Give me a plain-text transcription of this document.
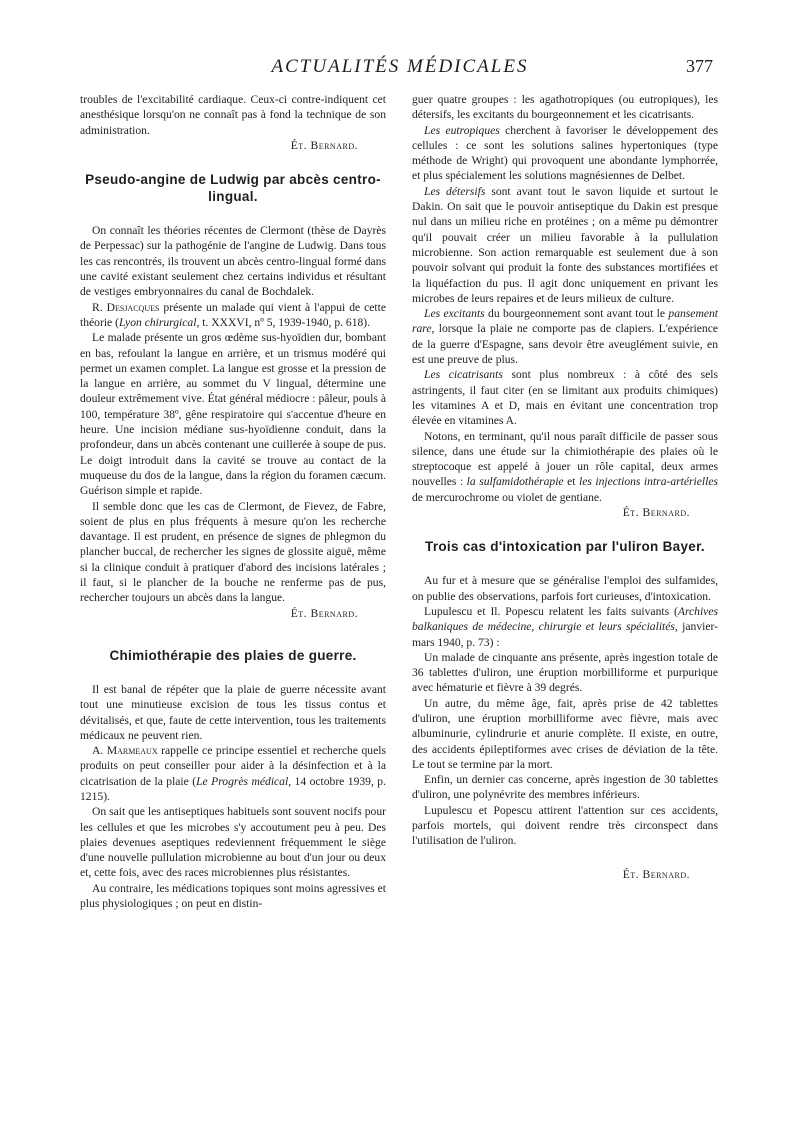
ACTUALITÉS MÉDICALES	377

troubles de l'excitabilité cardiaque. Ceux-ci contre-indiquent cet anesthésique lorsqu'on ne connaît pas à fond la technique de son administration.

Ét. Bernard.

Pseudo-angine de Ludwig par abcès centro-lingual.

On connaît les théories récentes de Clermont (thèse de Dayrès de Perpessac) sur la pathogénie de l'angine de Ludwig. Dans tous les cas rencontrés, ils trouvent un abcès centro-lingual formé dans une cavité existant seulement chez certains individus et résultant de vestiges embryonnaires du canal de Bochdalek.

R. Desjacques présente un malade qui vient à l'appui de cette théorie (Lyon chirurgical, t. XXXVI, nº 5, 1939-1940, p. 618).

Le malade présente un gros œdème sus-hyoïdien dur, bombant en bas, refoulant la langue en arrière, et un trismus modéré qui permet un examen complet. La langue est grosse et la pression de la langue en arrière, au sommet du V lingual, détermine une douleur extrêmement vive. État général médiocre : pâleur, pouls à 100, température 38º, gêne respiratoire qui s'accentue d'heure en heure. Une incision médiane sus-hyoïdienne conduit, dans la profondeur, dans un abcès contenant une cuillerée à soupe de pus. Le doigt introduit dans la cavité se trouve au contact de la muqueuse du dos de la langue, dans la région du foramen cæcum. Guérison simple et rapide.

Il semble donc que les cas de Clermont, de Fievez, de Fabre, soient de plus en plus fréquents à mesure qu'on les recherche davantage. Il est prudent, en présence de signes de phlegmon du plancher buccal, de rechercher les signes de glossite aiguë, même si la clinique conduit à pratiquer d'abord des incisions latérales ; il faut, si le plancher de la bouche ne renferme pas de pus, rechercher toujours un abcès dans la langue.

Ét. Bernard.

Chimiothérapie des plaies de guerre.

Il est banal de répéter que la plaie de guerre nécessite avant tout une minutieuse excision de tous les tissus contus et dévitalisés, et que, faute de cette intervention, tous les traitements médicaux ne peuvent rien.

A. Marmeaux rappelle ce principe essentiel et recherche quels produits on peut conseiller pour aider à la désinfection et à la cicatrisation de la plaie (Le Progrès médical, 14 octobre 1939, p. 1215).

On sait que les antiseptiques habituels sont souvent nocifs pour les cellules et que les microbes s'y accoutument peu à peu. Des plaies devenues aseptiques redeviennent fréquemment le siège d'une nouvelle pullulation microbienne au bout d'un jour ou deux et, cette fois, avec des races microbiennes plus résistantes.

Au contraire, les médications topiques sont moins agressives et plus physiologiques ; on peut en distin-

guer quatre groupes : les agathotropiques (ou eutropiques), les détersifs, les excitants du bourgeonnement et les cicatrisants.

Les eutropiques cherchent à favoriser le développement des cellules : ce sont les solutions salines hypertoniques (type méthode de Wright) qui provoquent une abondante lymphorrée, et plus spécialement les solutions magnésiennes de Delbet.

Les détersifs sont avant tout le savon liquide et surtout le Dakin. On sait que le pouvoir antiseptique du Dakin est presque nul dans un milieu riche en protéines ; on a même pu démontrer qu'il pouvait créer un milieu favorable à la pullulation microbienne. Son action remarquable est seulement due à son pouvoir solvant qui produit la fonte des substances mortifiées et la liquéfaction du pus. Il agit donc uniquement en privant les microbes de leurs repaires et de leurs milieux de culture.

Les excitants du bourgeonnement sont avant tout le pansement rare, lorsque la plaie ne comporte pas de clapiers. L'expérience de la guerre d'Espagne, sans devoir être aveuglément suivie, en est une preuve de plus.

Les cicatrisants sont plus nombreux : à côté des sels astringents, il faut citer (en se limitant aux produits chimiques) les vitamines A et D, mais en évitant une concentration trop élevée en vitamines A.

Notons, en terminant, qu'il nous paraît difficile de passer sous silence, dans une étude sur la chimiothérapie des plaies où le streptocoque est appelé à jouer un rôle capital, deux armes nouvelles : la sulfamidothérapie et les injections intra-artérielles de mercurochrome ou violet de gentiane.

Ét. Bernard.

Trois cas d'intoxication par l'uliron Bayer.

Au fur et à mesure que se généralise l'emploi des sulfamides, on publie des observations, parfois fort curieuses, d'intoxication.

Lupulescu et Il. Popescu relatent les faits suivants (Archives balkaniques de médecine, chirurgie et leurs spécialités, janvier-mars 1940, p. 73) :

Un malade de cinquante ans présente, après ingestion totale de 36 tablettes d'uliron, une éruption morbilliforme et purpurique avec hématurie et fièvre à 39 degrés.

Un autre, du même âge, fait, après prise de 42 tablettes d'uliron, une éruption morbilliforme avec fièvre, mais avec albuminurie, cylindrurie et anurie complète. Il existe, en outre, des accidents épileptiformes avec crises de déviation de la tête. Le tout se termine par la mort.

Enfin, un dernier cas concerne, après ingestion de 30 tablettes d'uliron, une polynévrite des membres inférieurs.

Lupulescu et Popescu attirent l'attention sur ces accidents, parfois mortels, qui doivent rendre très circonspect dans l'utilisation de l'uliron.

Ét. Bernard.
